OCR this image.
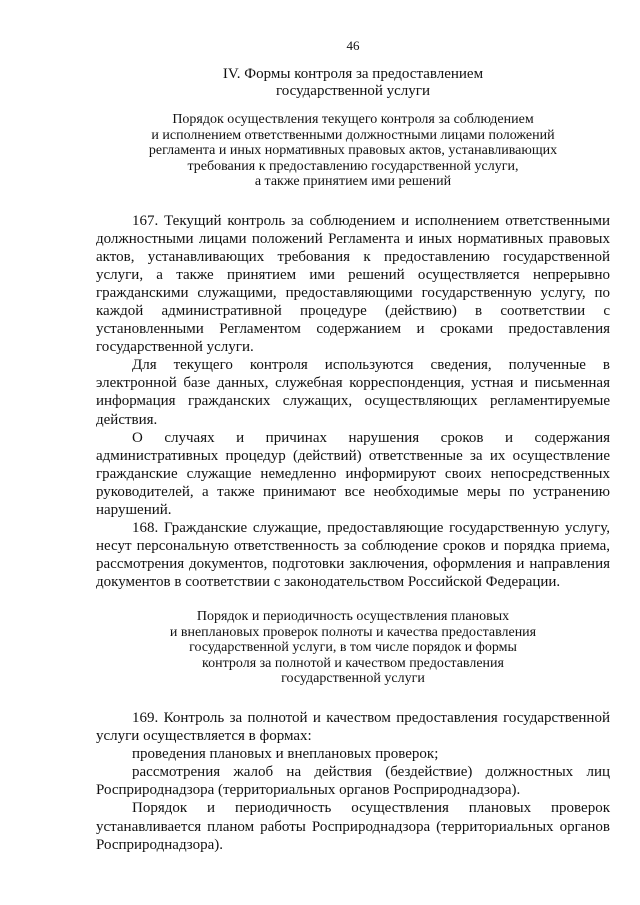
46
IV. Формы контроля за предоставлением
государственной услуги
Порядок осуществления текущего контроля за соблюдением
и исполнением ответственными должностными лицами положений
регламента и иных нормативных правовых актов, устанавливающих
требования к предоставлению государственной услуги,
а также принятием ими решений

167. Текущий контроль за соблюдением и исполнением ответственными должностными лицами положений Регламента и иных нормативных правовых актов, устанавливающих требования к предоставлению государственной услуги, а также принятием ими решений осуществляется непрерывно гражданскими служащими, предоставляющими государственную услугу, по каждой административной процедуре (действию) в соответствии с установленными Регламентом содержанием и сроками предоставления государственной услуги.

Для текущего контроля используются сведения, полученные в электронной базе данных, служебная корреспонденция, устная и письменная информация гражданских служащих, осуществляющих регламентируемые действия.

О случаях и причинах нарушения сроков и содержания административных процедур (действий) ответственные за их осуществление гражданские служащие немедленно информируют своих непосредственных руководителей, а также принимают все необходимые меры по устранению нарушений.

168. Гражданские служащие, предоставляющие государственную услугу, несут персональную ответственность за соблюдение сроков и порядка приема, рассмотрения документов, подготовки заключения, оформления и направления документов в соответствии с законодательством Российской Федерации.

Порядок и периодичность осуществления плановых
и внеплановых проверок полноты и качества предоставления
государственной услуги, в том числе порядок и формы
контроля за полнотой и качеством предоставления
государственной услуги

169. Контроль за полнотой и качеством предоставления государственной услуги осуществляется в формах:

проведения плановых и внеплановых проверок;

рассмотрения жалоб на действия (бездействие) должностных лиц Росприроднадзора (территориальных органов Росприроднадзора).

Порядок и периодичность осуществления плановых проверок устанавливается планом работы Росприроднадзора (территориальных органов Росприроднадзора).
